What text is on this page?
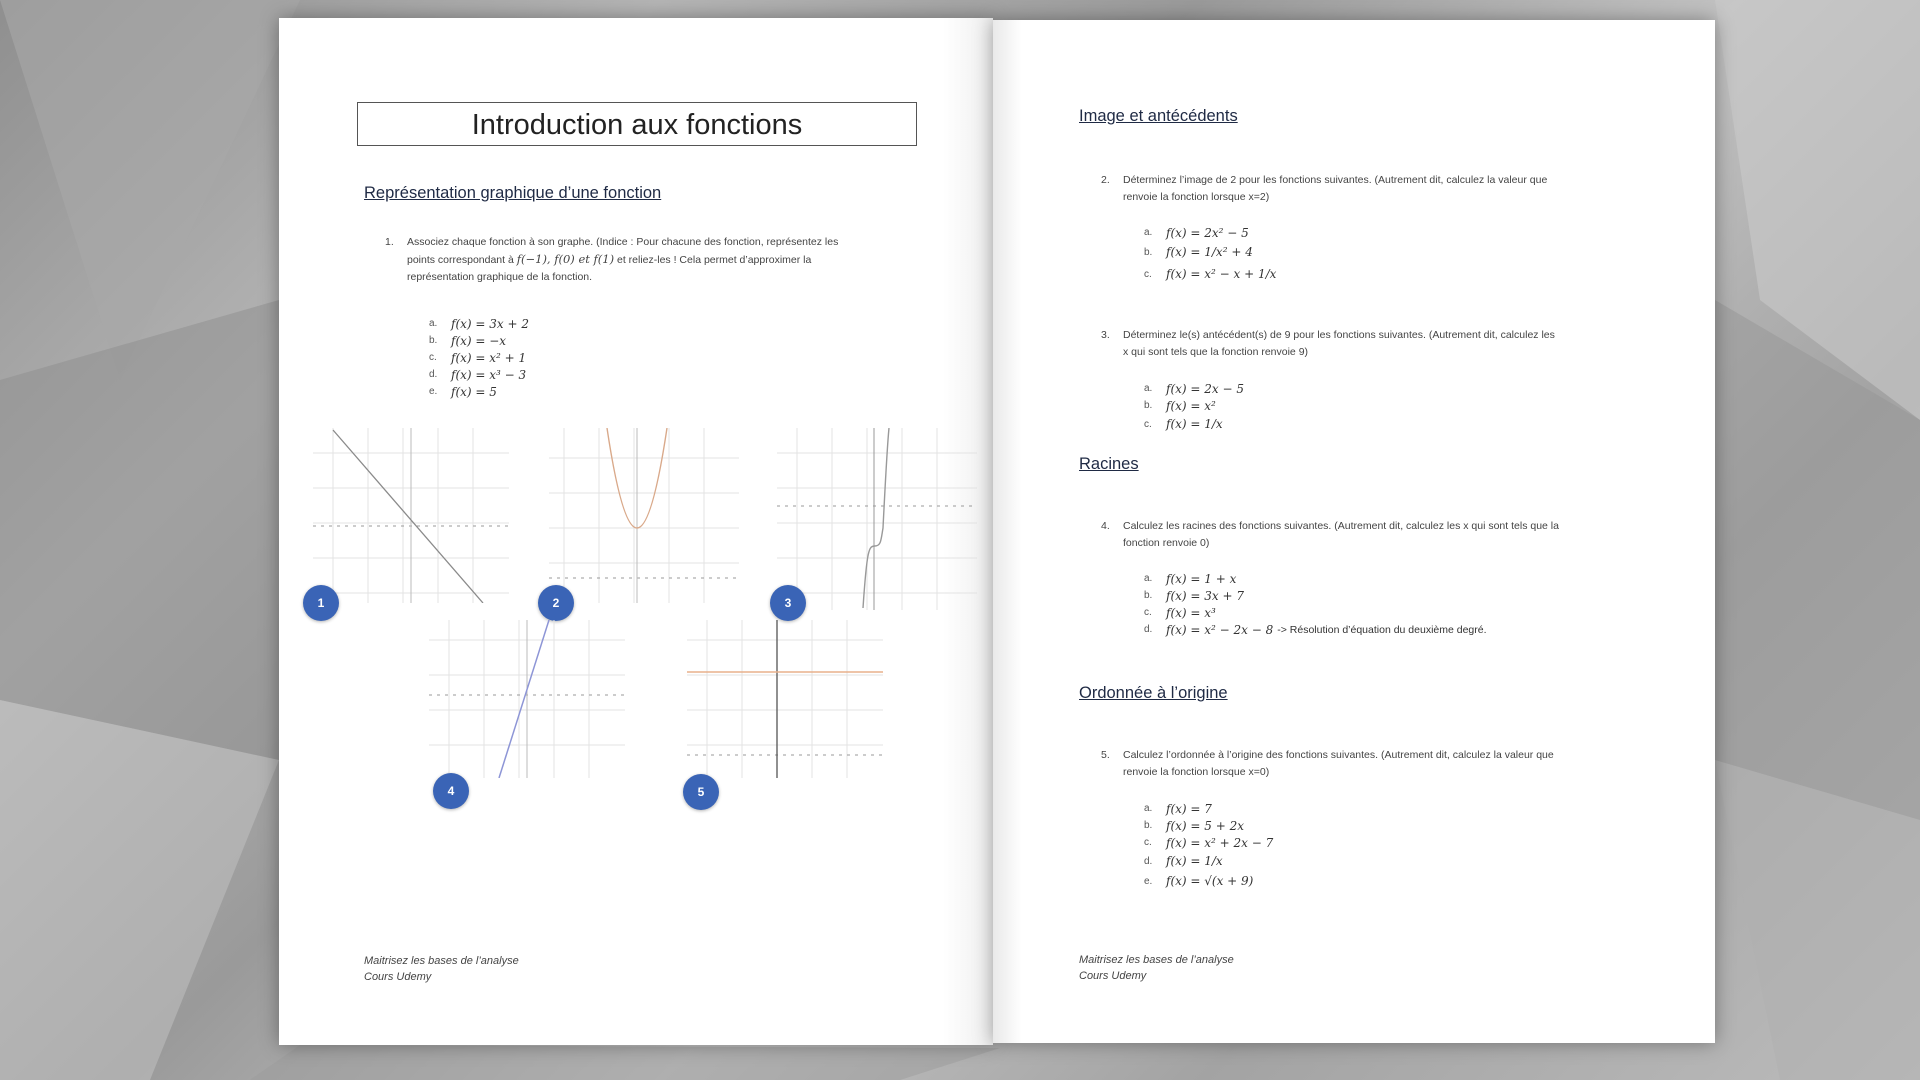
Introduction aux fonctions
Représentation graphique d’une fonction
1. Associez chaque fonction à son graphe. (Indice : Pour chacune des fonction, représentez les
points correspondant à f(−1), f(0) et f(1) et reliez-les ! Cela permet d’approximer la
représentation graphique de la fonction.
a.	f(x) = 3x + 2
b.	f(x) = −x
c.	f(x) = x² + 1
d.	f(x) = x³ − 3
e.	f(x) = 5
1	2	3
4	5
Maitrisez les bases de l’analyse
Cours Udemy
Image et antécédents
2. Déterminez l’image de 2 pour les fonctions suivantes. (Autrement dit, calculez la valeur que
renvoie la fonction lorsque x=2)
a.	f(x) = 2x² − 5
b.	f(x) = 1/x² + 4
c.	f(x) = x² − x + 1/x
3. Déterminez le(s) antécédent(s) de 9 pour les fonctions suivantes. (Autrement dit, calculez les
x qui sont tels que la fonction renvoie 9)
a.	f(x) = 2x − 5
b.	f(x) = x²
c.	f(x) = 1/x
Racines
4. Calculez les racines des fonctions suivantes. (Autrement dit, calculez les x qui sont tels que la
fonction renvoie 0)
a.	f(x) = 1 + x
b.	f(x) = 3x + 7
c.	f(x) = x³
d.	f(x) = x² − 2x − 8 -> Résolution d’équation du deuxième degré.
Ordonnée à l’origine
5. Calculez l’ordonnée à l’origine des fonctions suivantes. (Autrement dit, calculez la valeur que
renvoie la fonction lorsque x=0)
a.	f(x) = 7
b.	f(x) = 5 + 2x
c.	f(x) = x² + 2x − 7
d.	f(x) = 1/x
e.	f(x) = √(x + 9)
Maitrisez les bases de l’analyse
Cours Udemy
